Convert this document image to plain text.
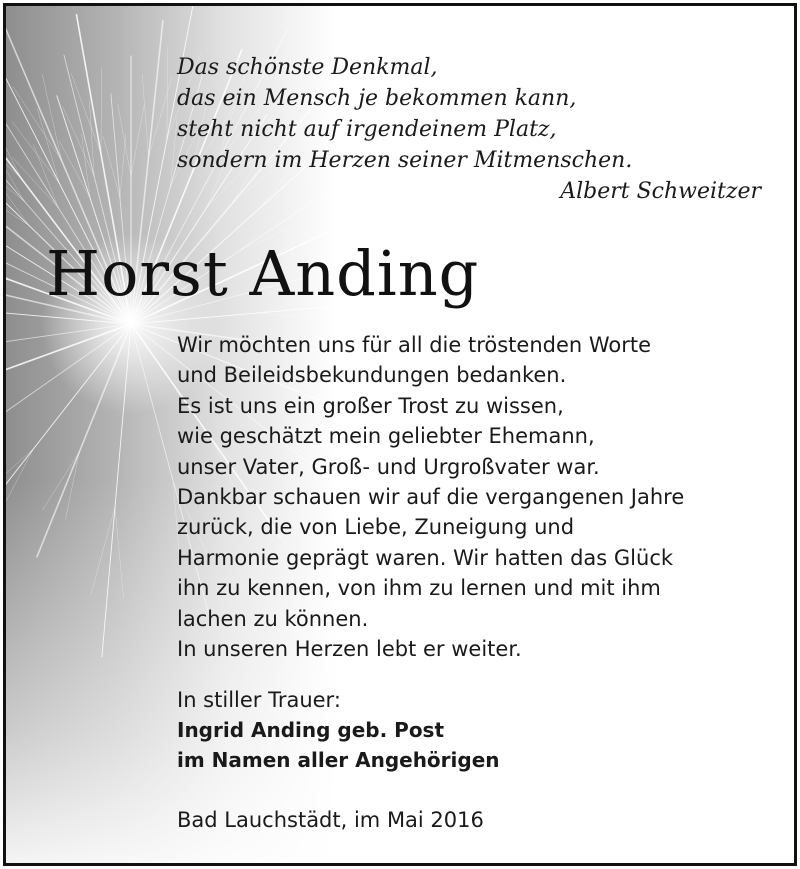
Das schönste Denkmal,
das ein Mensch je bekommen kann,
steht nicht auf irgendeinem Platz,
sondern im Herzen seiner Mitmenschen.
Albert Schweitzer
Horst Anding
Wir möchten uns für all die tröstenden Worte
und Beileidsbekundungen bedanken.
Es ist uns ein großer Trost zu wissen,
wie geschätzt mein geliebter Ehemann,
unser Vater, Groß- und Urgroßvater war.
Dankbar schauen wir auf die vergangenen Jahre
zurück, die von Liebe, Zuneigung und
Harmonie geprägt waren. Wir hatten das Glück
ihn zu kennen, von ihm zu lernen und mit ihm
lachen zu können.
In unseren Herzen lebt er weiter.
In stiller Trauer:
Ingrid Anding geb. Post
im Namen aller Angehörigen
Bad Lauchstädt, im Mai 2016
